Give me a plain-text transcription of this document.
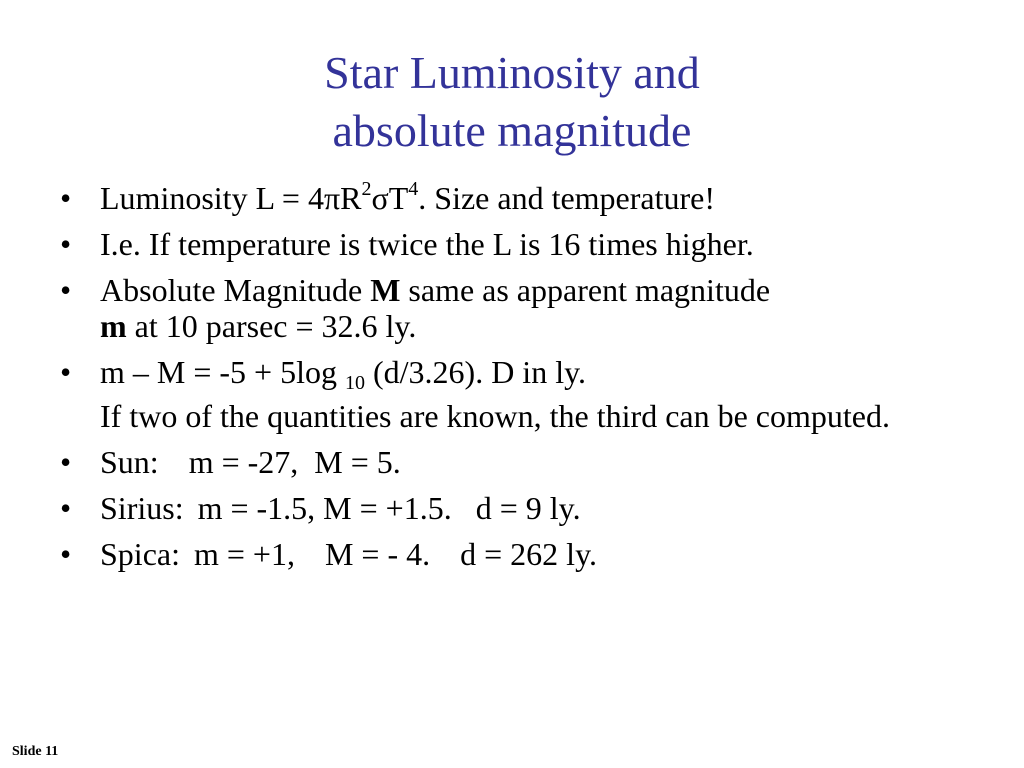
Star Luminosity and
absolute magnitude
• Luminosity $L = 4\pi R^2\sigma T^4$. Size and temperature!
• I.e. If temperature is twice the L is 16 times higher.
• Absolute Magnitude M same as apparent magnitude
m at 10 parsec = 32.6 ly.
• m – M = -5 + 5log $_{10}$ (d/3.26). D in ly.
If two of the quantities are known, the third can be computed.
• Sun: m = -27, M = 5.
• Sirius: m = -1.5, M = +1.5. d = 9 ly.
• Spica: m = +1, M = - 4. d = 262 ly.
Slide 11
